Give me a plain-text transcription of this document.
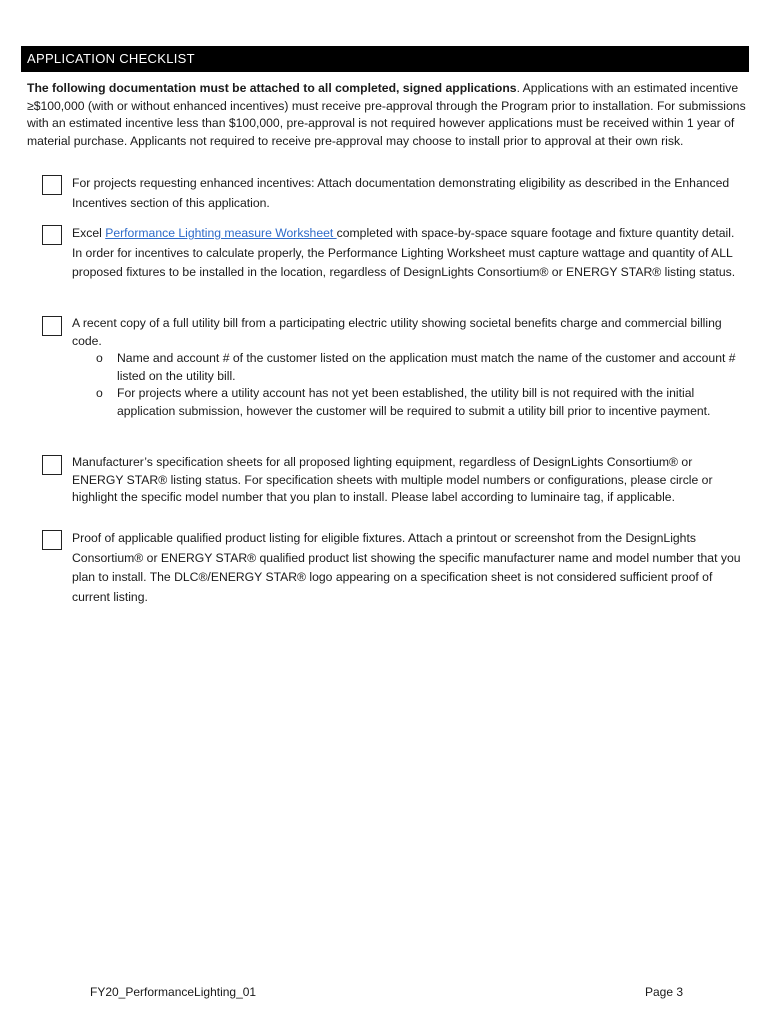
APPLICATION CHECKLIST
The following documentation must be attached to all completed, signed applications. Applications with an estimated incentive ≥$100,000 (with or without enhanced incentives) must receive pre-approval through the Program prior to installation. For submissions with an estimated incentive less than $100,000, pre-approval is not required however applications must be received within 1 year of material purchase. Applicants not required to receive pre-approval may choose to install prior to approval at their own risk.
For projects requesting enhanced incentives: Attach documentation demonstrating eligibility as described in the Enhanced Incentives section of this application.
Excel Performance Lighting measure Worksheet completed with space-by-space square footage and fixture quantity detail. In order for incentives to calculate properly, the Performance Lighting Worksheet must capture wattage and quantity of ALL proposed fixtures to be installed in the location, regardless of DesignLights Consortium® or ENERGY STAR® listing status.
A recent copy of a full utility bill from a participating electric utility showing societal benefits charge and commercial billing code.
o Name and account # of the customer listed on the application must match the name of the customer and account # listed on the utility bill.
o For projects where a utility account has not yet been established, the utility bill is not required with the initial application submission, however the customer will be required to submit a utility bill prior to incentive payment.
Manufacturer’s specification sheets for all proposed lighting equipment, regardless of DesignLights Consortium® or ENERGY STAR® listing status. For specification sheets with multiple model numbers or configurations, please circle or highlight the specific model number that you plan to install. Please label according to luminaire tag, if applicable.
Proof of applicable qualified product listing for eligible fixtures. Attach a printout or screenshot from the DesignLights Consortium® or ENERGY STAR® qualified product list showing the specific manufacturer name and model number that you plan to install. The DLC®/ENERGY STAR® logo appearing on a specification sheet is not considered sufficient proof of current listing.
FY20_PerformanceLighting_01	Page 3
